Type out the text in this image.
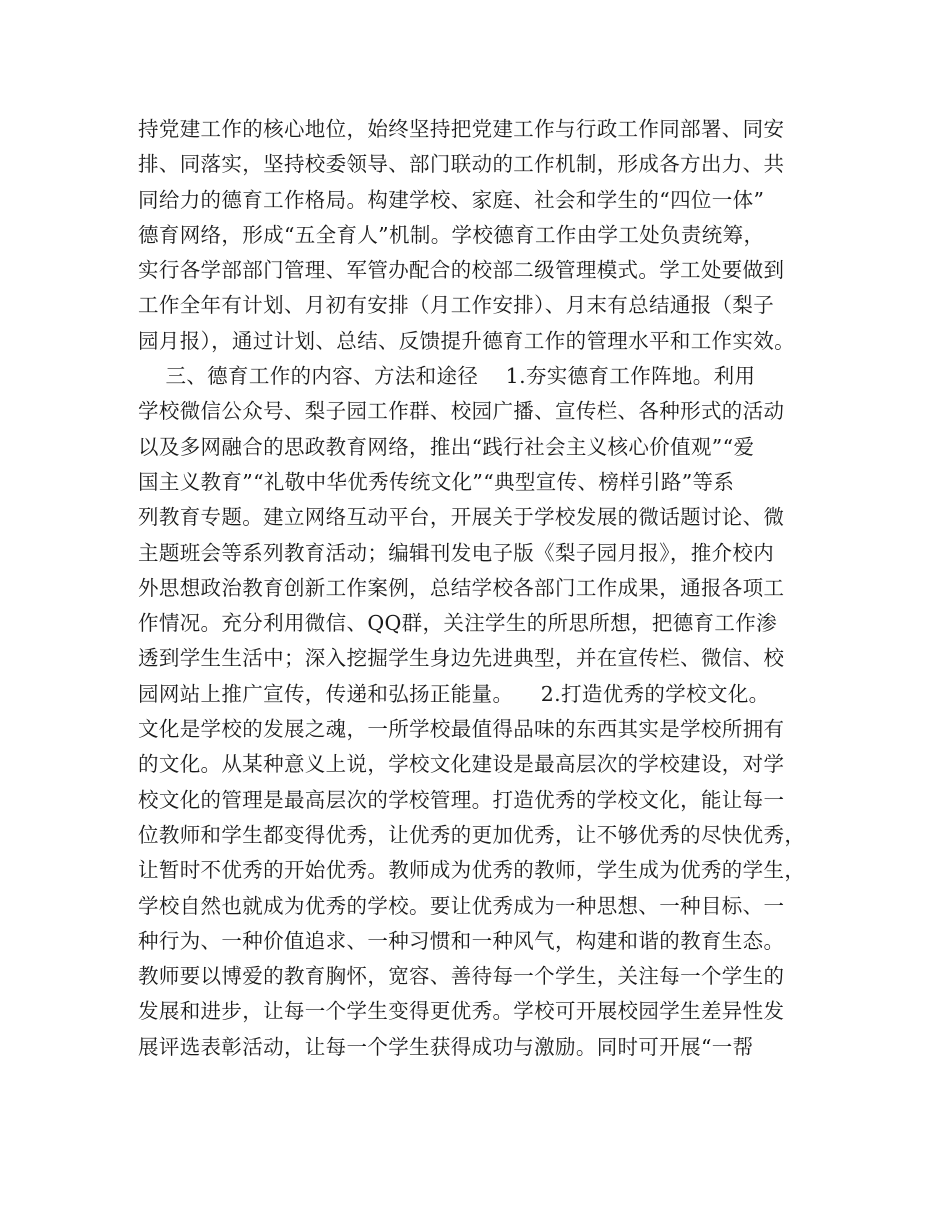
持党建工作的核心地位，始终坚持把党建工作与行政工作同部署、同安
排、同落实，坚持校委领导、部门联动的工作机制，形成各方出力、共
同给力的德育工作格局。构建学校、家庭、社会和学生的“四位一体”
德育网络，形成“五全育人”机制。学校德育工作由学工处负责统筹，
实行各学部部门管理、军管办配合的校部二级管理模式。学工处要做到
工作全年有计划、月初有安排（月工作安排）、月末有总结通报（梨子
园月报），通过计划、总结、反馈提升德育工作的管理水平和工作实效。
三、德育工作的内容、方法和途径    1.夯实德育工作阵地。利用
学校微信公众号、梨子园工作群、校园广播、宣传栏、各种形式的活动
以及多网融合的思政教育网络，推出“践行社会主义核心价值观”“爱
国主义教育”“礼敬中华优秀传统文化”“典型宣传、榜样引路”等系
列教育专题。建立网络互动平台，开展关于学校发展的微话题讨论、微
主题班会等系列教育活动；编辑刊发电子版《梨子园月报》，推介校内
外思想政治教育创新工作案例，总结学校各部门工作成果，通报各项工
作情况。充分利用微信、QQ群，关注学生的所思所想，把德育工作渗
透到学生生活中；深入挖掘学生身边先进典型，并在宣传栏、微信、校
园网站上推广宣传，传递和弘扬正能量。    2.打造优秀的学校文化。
文化是学校的发展之魂，一所学校最值得品味的东西其实是学校所拥有
的文化。从某种意义上说，学校文化建设是最高层次的学校建设，对学
校文化的管理是最高层次的学校管理。打造优秀的学校文化，能让每一
位教师和学生都变得优秀，让优秀的更加优秀，让不够优秀的尽快优秀，
让暂时不优秀的开始优秀。教师成为优秀的教师，学生成为优秀的学生，
学校自然也就成为优秀的学校。要让优秀成为一种思想、一种目标、一
种行为、一种价值追求、一种习惯和一种风气，构建和谐的教育生态。
教师要以博爱的教育胸怀，宽容、善待每一个学生，关注每一个学生的
发展和进步，让每一个学生变得更优秀。学校可开展校园学生差异性发
展评选表彰活动，让每一个学生获得成功与激励。同时可开展“一帮
